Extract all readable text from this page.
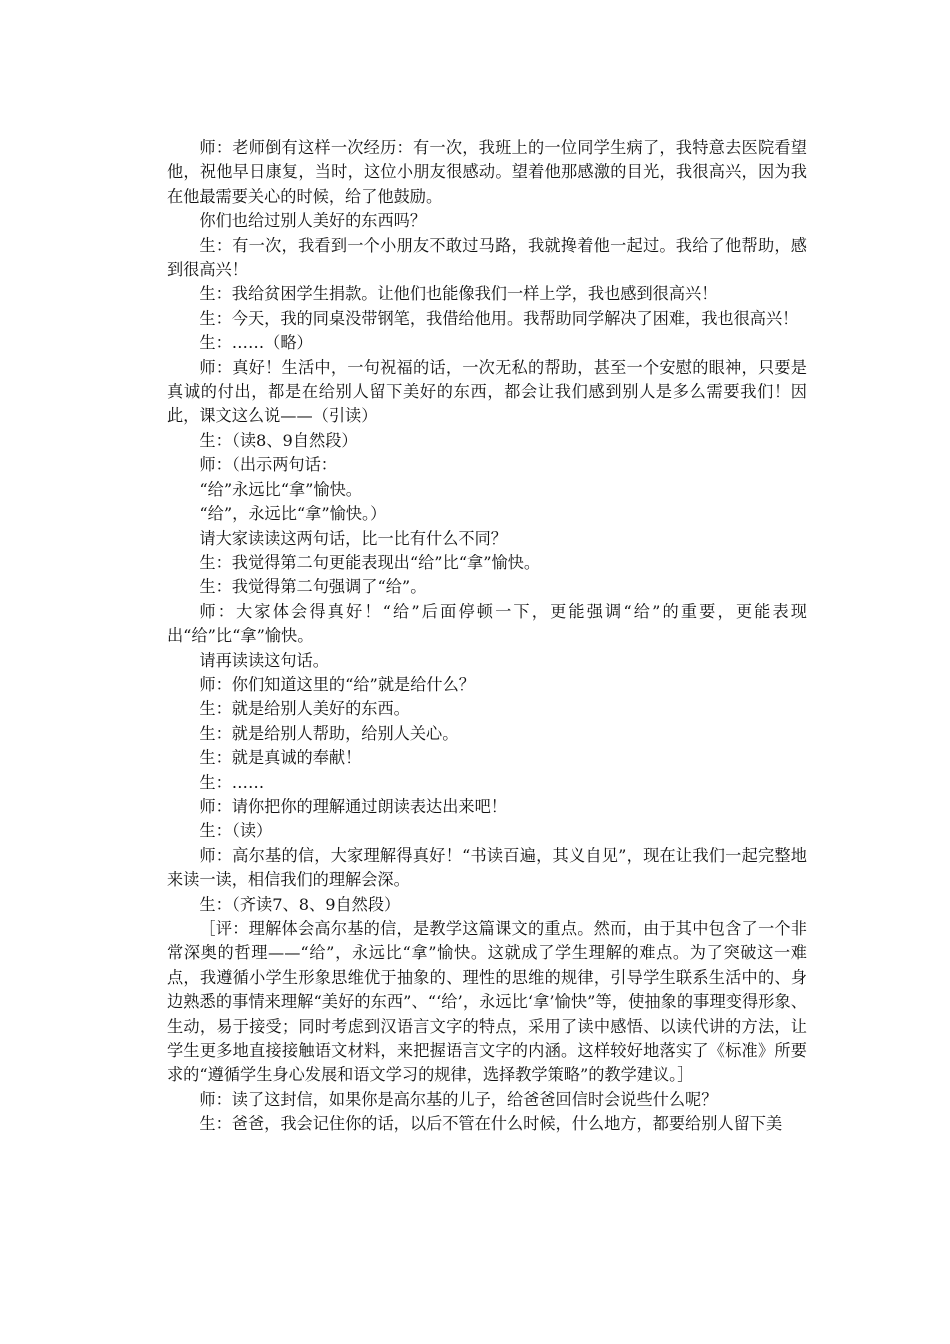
师：老师倒有这样一次经历：有一次，我班上的一位同学生病了，我特意去医院看望他，祝他早日康复，当时，这位小朋友很感动。望着他那感激的目光，我很高兴，因为我在他最需要关心的时候，给了他鼓励。

你们也给过别人美好的东西吗？

生：有一次，我看到一个小朋友不敢过马路，我就搀着他一起过。我给了他帮助，感到很高兴！

生：我给贫困学生捐款。让他们也能像我们一样上学，我也感到很高兴！

生：今天，我的同桌没带钢笔，我借给他用。我帮助同学解决了困难，我也很高兴！

生：……（略）

师：真好！生活中，一句祝福的话，一次无私的帮助，甚至一个安慰的眼神，只要是真诚的付出，都是在给别人留下美好的东西，都会让我们感到别人是多么需要我们！因此，课文这么说——（引读）

生：（读8、9自然段）

师：（出示两句话：

“给”永远比“拿”愉快。

“给”，永远比“拿”愉快。）

请大家读读这两句话，比一比有什么不同？

生：我觉得第二句更能表现出“给”比“拿”愉快。

生：我觉得第二句强调了“给”。

师：大家体会得真好！“给”后面停顿一下，更能强调“给”的重要，更能表现出“给”比“拿”愉快。

请再读读这句话。

师：你们知道这里的“给”就是给什么？

生：就是给别人美好的东西。

生：就是给别人帮助，给别人关心。

生：就是真诚的奉献！

生：……

师：请你把你的理解通过朗读表达出来吧！

生：（读）

师：高尔基的信，大家理解得真好！“书读百遍，其义自见”，现在让我们一起完整地来读一读，相信我们的理解会深。

生：（齐读7、8、9自然段）

［评：理解体会高尔基的信，是教学这篇课文的重点。然而，由于其中包含了一个非常深奥的哲理——“给”，永远比“拿”愉快。这就成了学生理解的难点。为了突破这一难点，我遵循小学生形象思维优于抽象的、理性的思维的规律，引导学生联系生活中的、身边熟悉的事情来理解“美好的东西”、“‘给’，永远比‘拿’愉快”等，使抽象的事理变得形象、生动，易于接受；同时考虑到汉语言文字的特点，采用了读中感悟、以读代讲的方法，让学生更多地直接接触语文材料，来把握语言文字的内涵。这样较好地落实了《标准》所要求的“遵循学生身心发展和语文学习的规律，选择教学策略”的教学建议。］

师：读了这封信，如果你是高尔基的儿子，给爸爸回信时会说些什么呢？

生：爸爸，我会记住你的话，以后不管在什么时候，什么地方，都要给别人留下美
